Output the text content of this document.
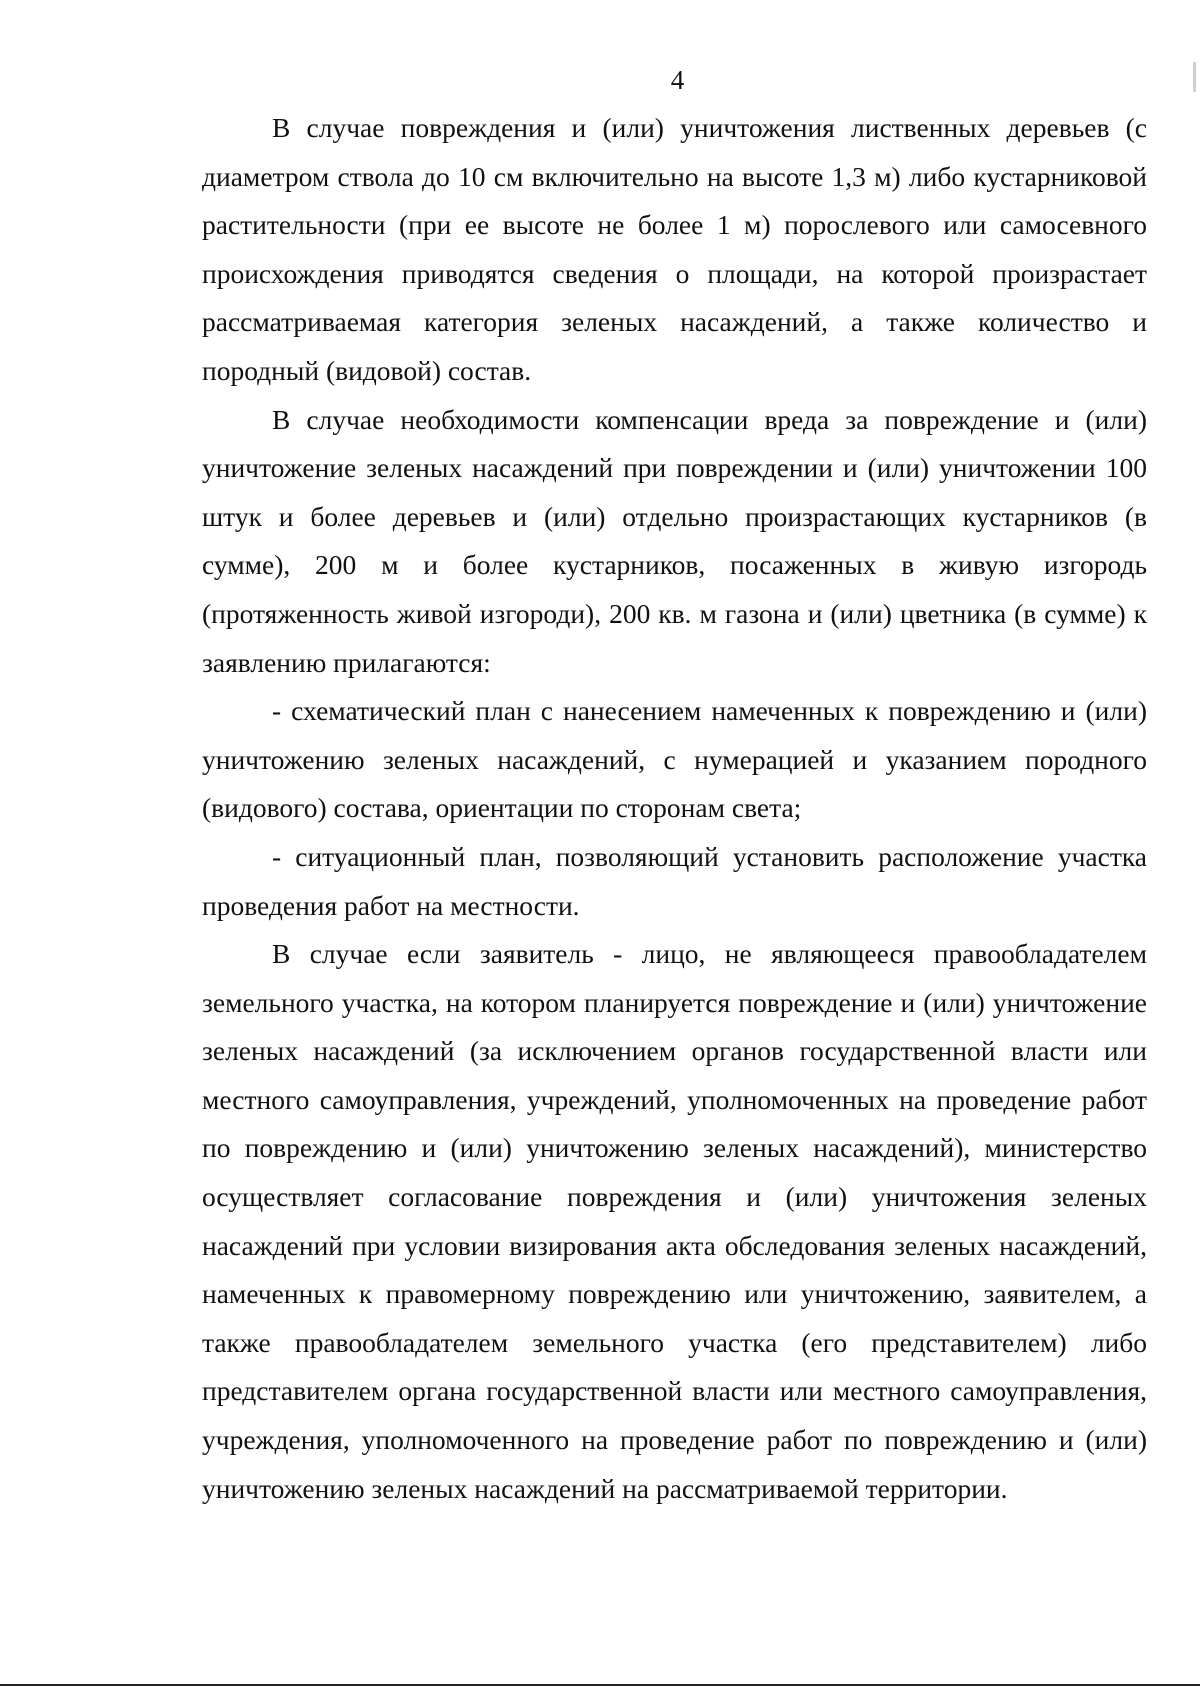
4

В случае повреждения и (или) уничтожения лиственных деревьев (с диаметром ствола до 10 см включительно на высоте 1,3 м) либо кустарниковой растительности (при ее высоте не более 1 м) порослевого или самосевного происхождения приводятся сведения о площади, на которой произрастает рассматриваемая категория зеленых насаждений, а также количество и породный (видовой) состав.

В случае необходимости компенсации вреда за повреждение и (или) уничтожение зеленых насаждений при повреждении и (или) уничтожении 100 штук и более деревьев и (или) отдельно произрастающих кустарников (в сумме), 200 м и более кустарников, посаженных в живую изгородь (протяженность живой изгороди), 200 кв. м газона и (или) цветника (в сумме) к заявлению прилагаются:

- схематический план с нанесением намеченных к повреждению и (или) уничтожению зеленых насаждений, с нумерацией и указанием породного (видового) состава, ориентации по сторонам света;

- ситуационный план, позволяющий установить расположение участка проведения работ на местности.

В случае если заявитель - лицо, не являющееся правообладателем земельного участка, на котором планируется повреждение и (или) уничтожение зеленых насаждений (за исключением органов государственной власти или местного самоуправления, учреждений, уполномоченных на проведение работ по повреждению и (или) уничтожению зеленых насаждений), министерство осуществляет согласование повреждения и (или) уничтожения зеленых насаждений при условии визирования акта обследования зеленых насаждений, намеченных к правомерному повреждению или уничтожению, заявителем, а также правообладателем земельного участка (его представителем) либо представителем органа государственной власти или местного самоуправления, учреждения, уполномоченного на проведение работ по повреждению и (или) уничтожению зеленых насаждений на рассматриваемой территории.
